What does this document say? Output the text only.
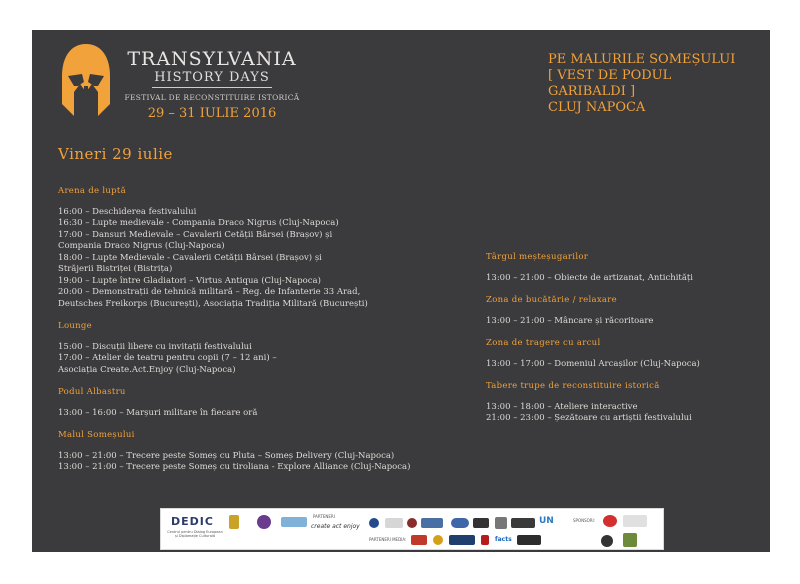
TRANSYLVANIA
HISTORY DAYS
FESTIVAL DE RECONSTITUIRE ISTORICĂ
29 – 31 IULIE 2016
PE MALURILE SOMEȘULUI
[ VEST DE PODUL GARIBALDI ]
CLUJ NAPOCA
Vineri 29 iulie
Arena de luptă
16:00 – Deschiderea festivalului
16:30 – Lupte medievale - Compania Draco Nigrus (Cluj-Napoca)
17:00 – Dansuri Medievale – Cavalerii Cetății Bârsei (Brașov) și
Compania Draco Nigrus (Cluj-Napoca)
18:00 – Lupte Medievale - Cavalerii Cetății Bârsei (Brașov) și
Străjerii Bistriței (Bistrița)
19:00 – Lupte între Gladiatori – Virtus Antiqua (Cluj-Napoca)
20:00 – Demonstrații de tehnică militară – Reg. de Infanterie 33 Arad,
Deutsches Freikorps (București), Asociația Tradiția Militară (București)
Lounge
15:00 – Discuții libere cu invitații festivalului
17:00 – Atelier de teatru pentru copii (7 – 12 ani) –
Asociația Create.Act.Enjoy (Cluj-Napoca)
Podul Albastru
13:00 – 16:00 – Marșuri militare în fiecare oră
Malul Someșului
13:00 – 21:00 – Trecere peste Someș cu Pluta – Someș Delivery (Cluj-Napoca)
13:00 – 21:00 – Trecere peste Someș cu tiroliana - Explore Alliance (Cluj-Napoca)
Târgul meșteșugarilor
13:00 – 21:00 – Obiecte de artizanat, Antichități
Zona de bucătărie / relaxare
13:00 – 21:00 – Mâncare și răcoritoare
Zona de tragere cu arcul
13:00 – 17:00 – Domeniul Arcașilor (Cluj-Napoca)
Tabere trupe de reconstituire istorică
13:00 – 18:00 – Ateliere interactive
21:00 – 23:00 – Șezătoare cu artiștii festivalului
DEDIC
Centrul pentru Dialog European și Diplomație Culturală
PARTENERI
create act enjoy
UN
PARTENERI MEDIA:	facts
SPONSORI:
